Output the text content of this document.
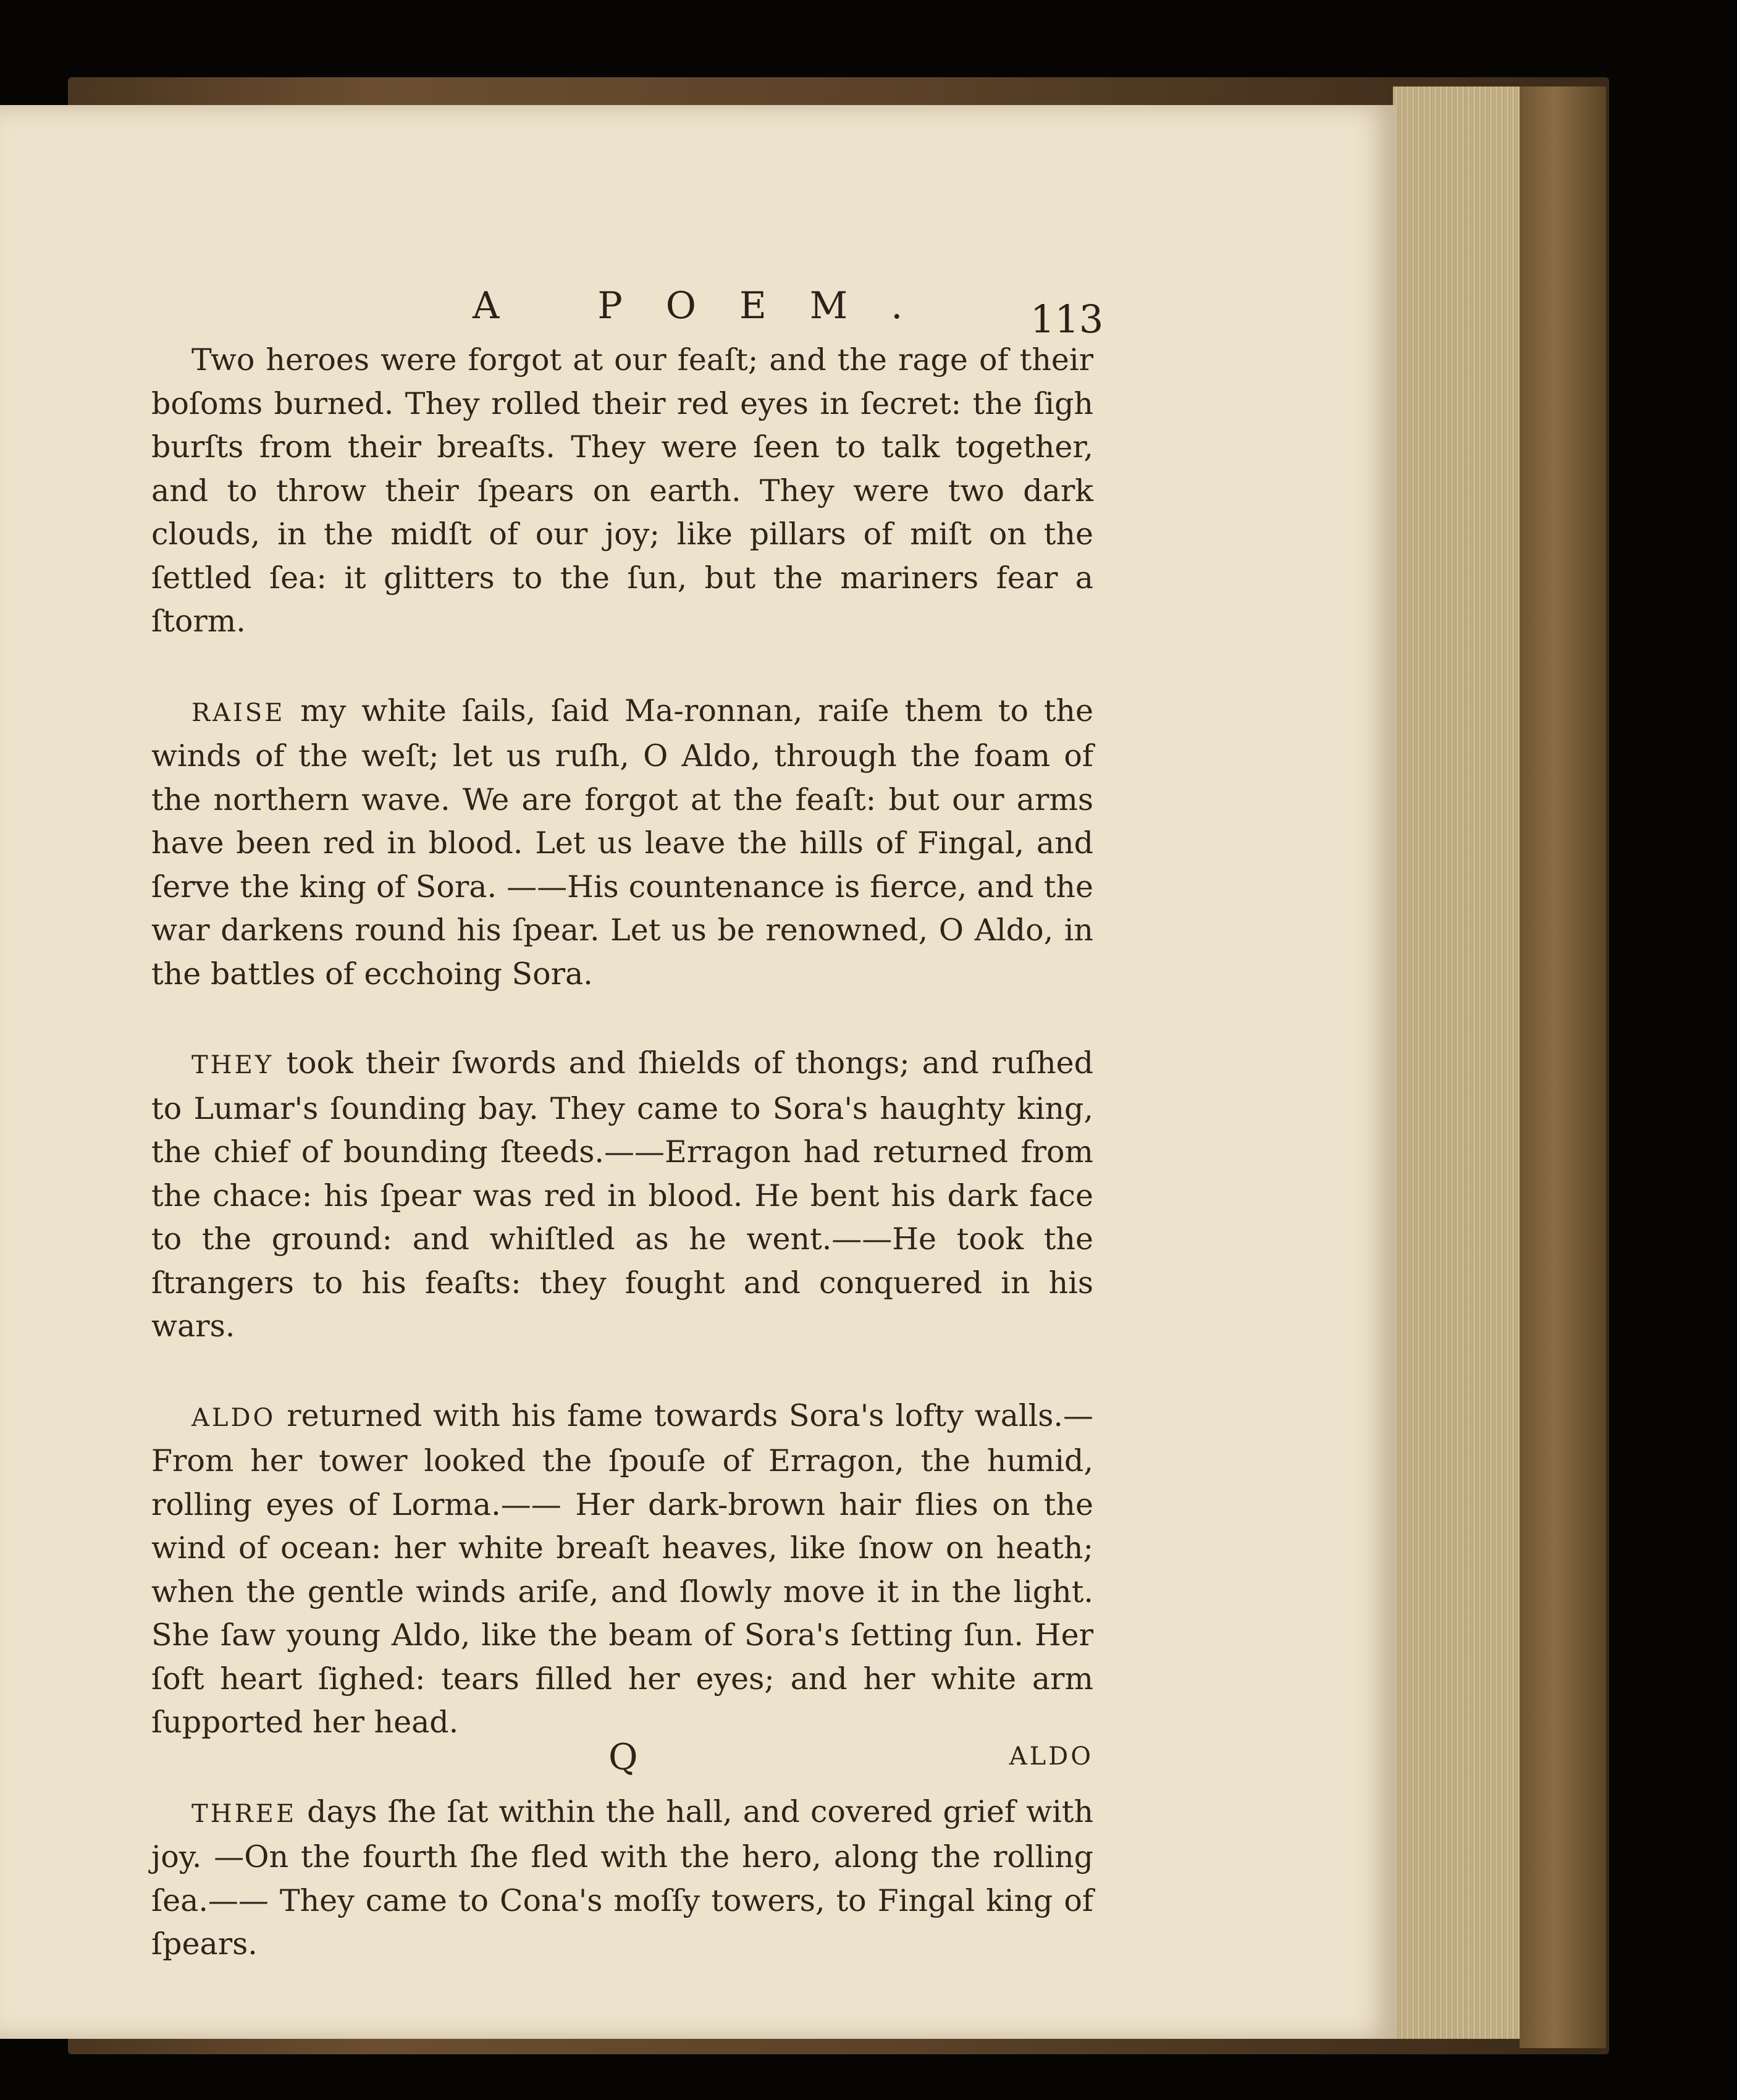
A POEM. 113

Two heroes were forgot at our feaſt; and the rage of their boſoms burned. They rolled their red eyes in ſecret: the ſigh burſts from their breaſts. They were ſeen to talk together, and to throw their ſpears on earth. They were two dark clouds, in the midſt of our joy; like pillars of miſt on the ſettled ſea: it glitters to the ſun, but the mariners fear a ſtorm.

RAISE my white ſails, ſaid Ma-ronnan, raiſe them to the winds of the weſt; let us ruſh, O Aldo, through the foam of the northern wave. We are forgot at the feaſt: but our arms have been red in blood. Let us leave the hills of Fingal, and ſerve the king of Sora. ——His countenance is fierce, and the war darkens round his ſpear. Let us be renowned, O Aldo, in the battles of ecchoing Sora.

THEY took their ſwords and ſhields of thongs; and ruſhed to Lumar's ſounding bay. They came to Sora's haughty king, the chief of bounding ſteeds.——Erragon had returned from the chace: his ſpear was red in blood. He bent his dark face to the ground: and whiſtled as he went.——He took the ſtrangers to his feaſts: they fought and conquered in his wars.

ALDO returned with his fame towards Sora's lofty walls.—From her tower looked the ſpouſe of Erragon, the humid, rolling eyes of Lorma.—— Her dark-brown hair flies on the wind of ocean: her white breaſt heaves, like ſnow on heath; when the gentle winds ariſe, and ſlowly move it in the light. She ſaw young Aldo, like the beam of Sora's ſetting ſun. Her ſoft heart ſighed: tears filled her eyes; and her white arm ſupported her head.

THREE days ſhe ſat within the hall, and covered grief with joy. —On the fourth ſhe fled with the hero, along the rolling ſea.—— They came to Cona's moſſy towers, to Fingal king of ſpears.

Q	ALDO
